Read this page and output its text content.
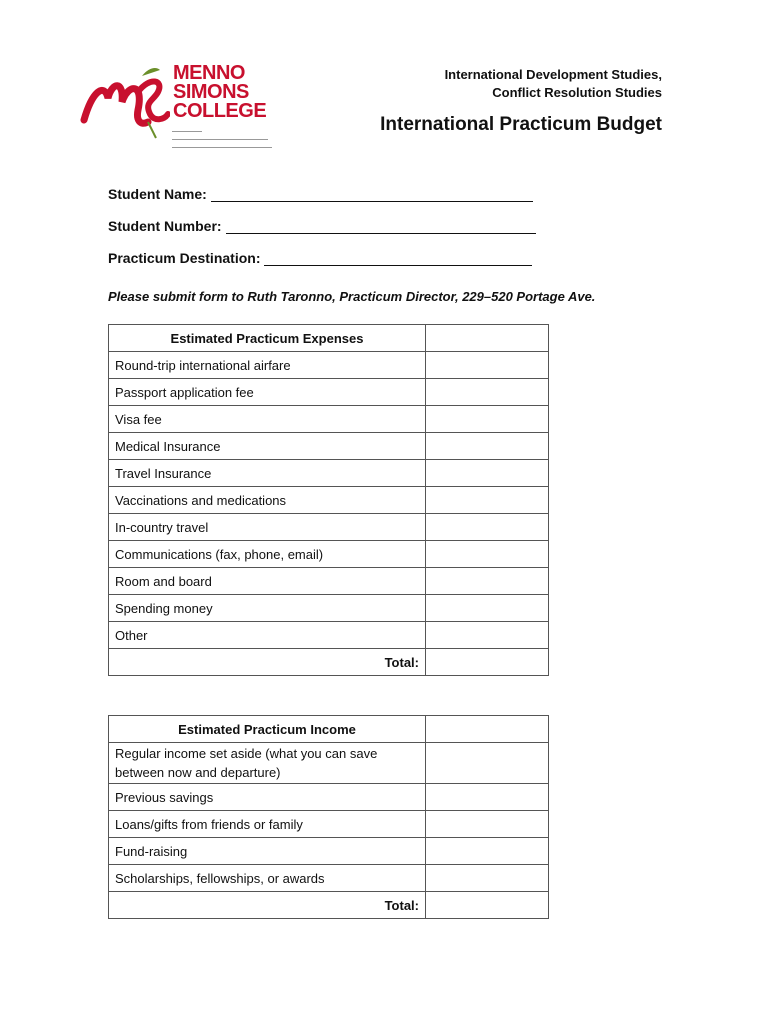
MENNO
SIMONS
COLLEGE
International Development Studies,
Conflict Resolution Studies
International Practicum Budget
Student Name:
Student Number:
Practicum Destination:
Please submit form to Ruth Taronno, Practicum Director, 229–520 Portage Ave.
Estimated Practicum Expenses	
Round-trip international airfare	
Passport application fee	
Visa fee	
Medical Insurance	
Travel Insurance	
Vaccinations and medications	
In-country travel	
Communications (fax, phone, email)	
Room and board	
Spending money	
Other	
Total:	
Estimated Practicum Income	
Regular income set aside (what you can save between now and departure)	
Previous savings	
Loans/gifts from friends or family	
Fund-raising	
Scholarships, fellowships, or awards	
Total:	
